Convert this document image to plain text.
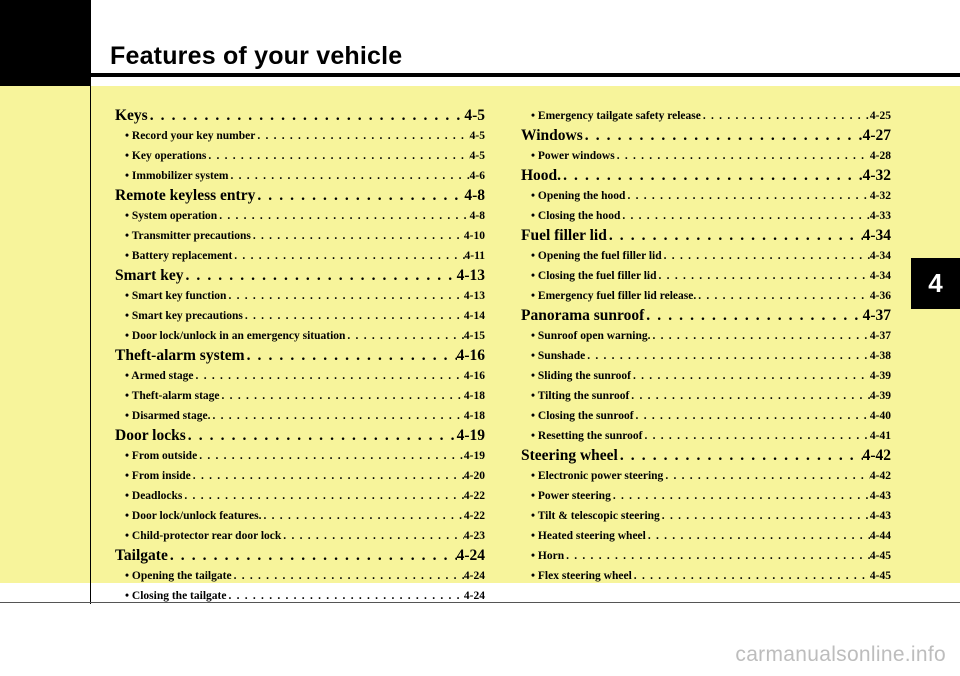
Features of your vehicle
Keys . . .	4-5
• Record your key number . . .	4-5
• Key operations . . .	4-5
• Immobilizer system . . .	4-6
Remote keyless entry . . .	4-8
• System operation . . .	4-8
• Transmitter precautions . . .	4-10
• Battery replacement . . .	4-11
Smart key . . .	4-13
• Smart key function . . .	4-13
• Smart key precautions . . .	4-14
• Door lock/unlock in an emergency situation . . .	4-15
Theft-alarm system . . .	4-16
• Armed stage . . .	4-16
• Theft-alarm stage . . .	4-18
• Disarmed stage. . . .	4-18
Door locks . . .	4-19
• From outside . . .	4-19
• From inside . . .	4-20
• Deadlocks . . .	4-22
• Door lock/unlock features. . . .	4-22
• Child-protector rear door lock . . .	4-23
Tailgate . . .	4-24
• Opening the tailgate . . .	4-24
• Closing the tailgate . . .	4-24
• Emergency tailgate safety release . . .	4-25
Windows . . .	4-27
• Power windows . . .	4-28
Hood. . . .	4-32
• Opening the hood . . .	4-32
• Closing the hood . . .	4-33
Fuel filler lid . . .	4-34
• Opening the fuel filler lid . . .	4-34
• Closing the fuel filler lid . . .	4-34
• Emergency fuel filler lid release. . . .	4-36
Panorama sunroof . . .	4-37
• Sunroof open warning. . . .	4-37
• Sunshade . . .	4-38
• Sliding the sunroof . . .	4-39
• Tilting the sunroof . . .	4-39
• Closing the sunroof . . .	4-40
• Resetting the sunroof . . .	4-41
Steering wheel . . .	4-42
• Electronic power steering . . .	4-42
• Power steering . . .	4-43
• Tilt & telescopic steering . . .	4-43
• Heated steering wheel . . .	4-44
• Horn . . .	4-45
• Flex steering wheel . . .	4-45
4
carmanualsonline.info
